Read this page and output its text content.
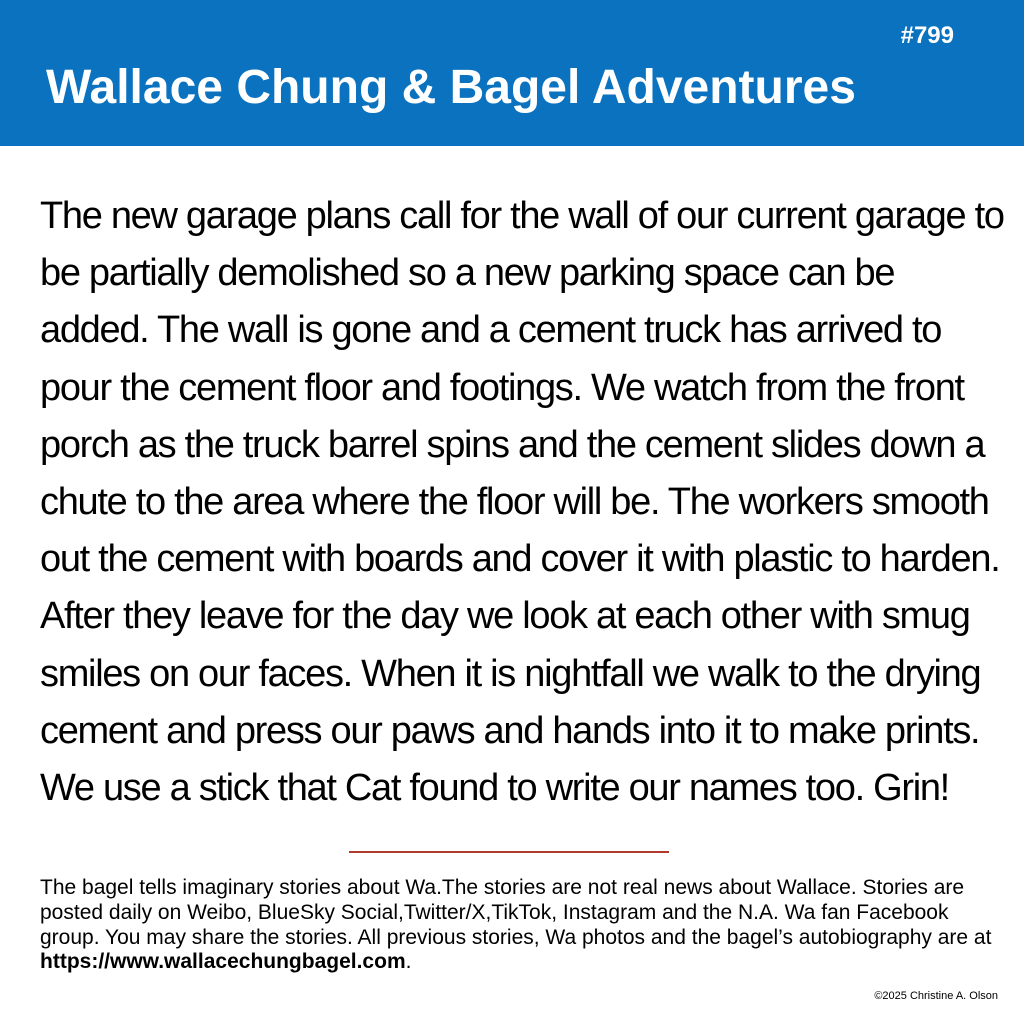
#799
Wallace Chung & Bagel Adventures

The new garage plans call for the wall of our current garage to be partially demolished so a new parking space can be added. The wall is gone and a cement truck has arrived to pour the cement floor and footings. We watch from the front porch as the truck barrel spins and the cement slides down a chute to the area where the floor will be. The workers smooth out the cement with boards and cover it with plastic to harden. After they leave for the day we look at each other with smug smiles on our faces. When it is nightfall we walk to the drying cement and press our paws and hands into it to make prints. We use a stick that Cat found to write our names too. Grin!

The bagel tells imaginary stories about Wa.The stories are not real news about Wallace. Stories are posted daily on Weibo, BlueSky Social,Twitter/X,TikTok, Instagram and the N.A. Wa fan Facebook group. You may share the stories. All previous stories, Wa photos and the bagel’s autobiography are at https://www.wallacechungbagel.com.

©2025 Christine A. Olson
